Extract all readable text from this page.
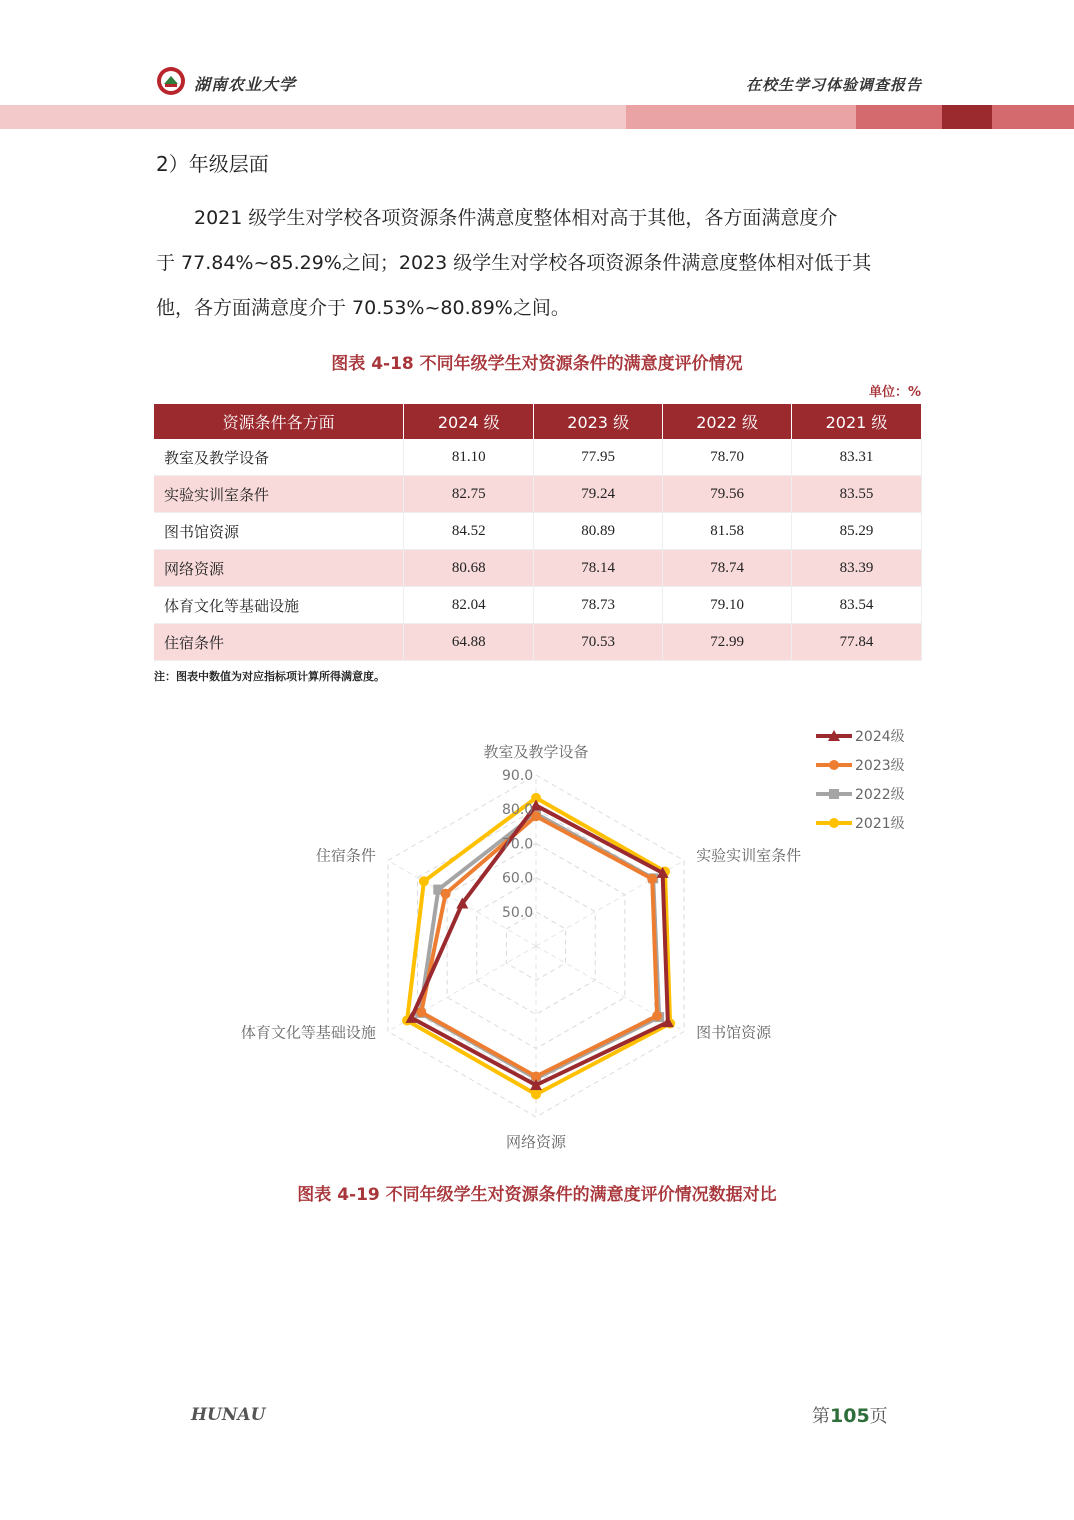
湖南农业大学	在校生学习体验调查报告
2）年级层面
2021 级学生对学校各项资源条件满意度整体相对高于其他，各方面满意度介
于 77.84%~85.29%之间；2023 级学生对学校各项资源条件满意度整体相对低于其
他，各方面满意度介于 70.53%~80.89%之间。
图表 4-18 不同年级学生对资源条件的满意度评价情况
单位：%
资源条件各方面	2024 级	2023 级	2022 级	2021 级
教室及教学设备	81.10	77.95	78.70	83.31
实验实训室条件	82.75	79.24	79.56	83.55
图书馆资源	84.52	80.89	81.58	85.29
网络资源	80.68	78.14	78.74	83.39
体育文化等基础设施	82.04	78.73	79.10	83.54
住宿条件	64.88	70.53	72.99	77.84
注：图表中数值为对应指标项计算所得满意度。
教室及教学设备
实验实训室条件
图书馆资源
网络资源
体育文化等基础设施
住宿条件
50.0
60.0
70.0
80.0
90.0
2024级
2023级
2022级
2021级
图表 4-19 不同年级学生对资源条件的满意度评价情况数据对比
HUNAU	第105页
